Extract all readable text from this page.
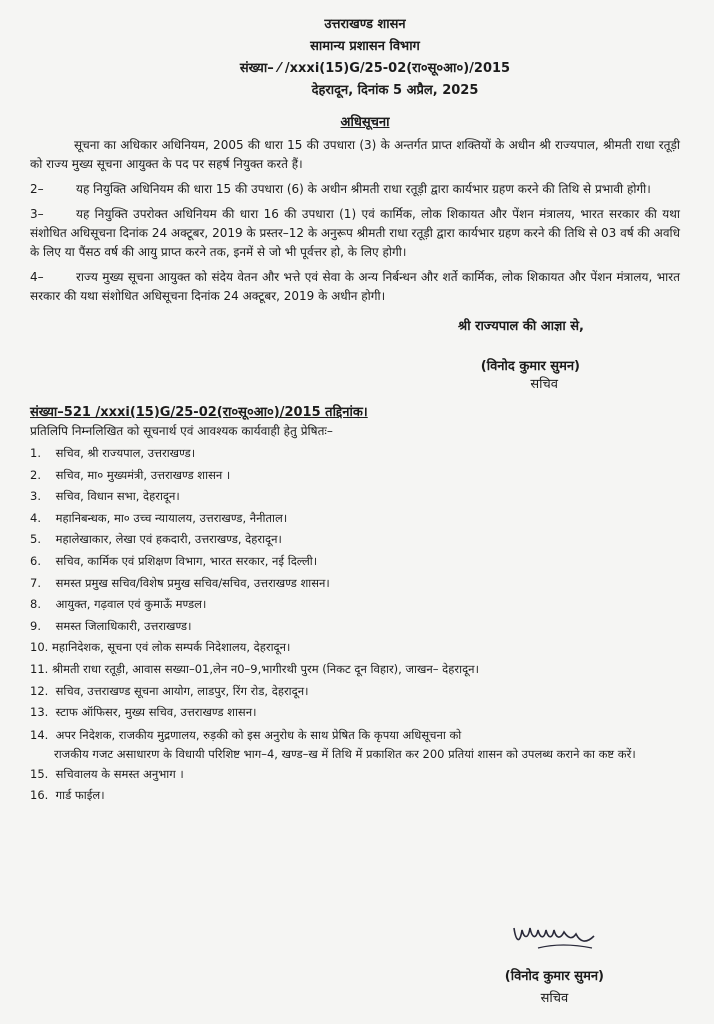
उत्तराखण्ड शासन
सामान्य प्रशासन विभाग
संख्या– ⁄ /xxxi(15)G/25-02(रा०सू०आ०)/2015
देहरादून, दिनांक 5 अप्रैल, 2025
अधिसूचना

सूचना का अधिकार अधिनियम, 2005 की धारा 15 की उपधारा (3) के अन्तर्गत प्राप्त शक्तियों के अधीन श्री राज्यपाल, श्रीमती राधा रतूड़ी को राज्य मुख्य सूचना आयुक्त के पद पर सहर्ष नियुक्त करते हैं।

2–	यह नियुक्ति अधिनियम की धारा 15 की उपधारा (6) के अधीन श्रीमती राधा रतूड़ी द्वारा कार्यभार ग्रहण करने की तिथि से प्रभावी होगी।

3–	यह नियुक्ति उपरोक्त अधिनियम की धारा 16 की उपधारा (1) एवं कार्मिक, लोक शिकायत और पेंशन मंत्रालय, भारत सरकार की यथा संशोधित अधिसूचना दिनांक 24 अक्टूबर, 2019 के प्रस्तर–12 के अनुरूप श्रीमती राधा रतूड़ी द्वारा कार्यभार ग्रहण करने की तिथि से 03 वर्ष की अवधि के लिए या पैंसठ वर्ष की आयु प्राप्त करने तक, इनमें से जो भी पूर्वत्तर हो, के लिए होगी।

4–	राज्य मुख्य सूचना आयुक्त को संदेय वेतन और भत्ते एवं सेवा के अन्य निर्बन्धन और शर्ते कार्मिक, लोक शिकायत और पेंशन मंत्रालय, भारत सरकार की यथा संशोधित अधिसूचना दिनांक 24 अक्टूबर, 2019 के अधीन होगी।

श्री राज्यपाल की आज्ञा से,
(विनोद कुमार सुमन)
सचिव
संख्या–521 /xxxi(15)G/25-02(रा०सू०आ०)/2015 तद्दिनांक।
प्रतिलिपि निम्नलिखित को सूचनार्थ एवं आवश्यक कार्यवाही हेतु प्रेषितः–
1. सचिव, श्री राज्यपाल, उत्तराखण्ड।
2. सचिव, मा० मुख्यमंत्री, उत्तराखण्ड शासन ।
3. सचिव, विधान सभा, देहरादून।
4. महानिबन्धक, मा० उच्च न्यायालय, उत्तराखण्ड, नैनीताल।
5. महालेखाकार, लेखा एवं हकदारी, उत्तराखण्ड, देहरादून।
6. सचिव, कार्मिक एवं प्रशिक्षण विभाग, भारत सरकार, नई दिल्ली।
7. समस्त प्रमुख सचिव/विशेष प्रमुख सचिव/सचिव, उत्तराखण्ड शासन।
8. आयुक्त, गढ़वाल एवं कुमाऊँ मण्डल।
9. समस्त जिलाधिकारी, उत्तराखण्ड।
10. महानिदेशक, सूचना एवं लोक सम्पर्क निदेशालय, देहरादून।
11. श्रीमती राधा रतूड़ी, आवास सख्या–01,लेन न0–9,भागीरथी पुरम (निकट दून विहार), जाखन– देहरादून।
12. सचिव, उत्तराखण्ड सूचना आयोग, लाडपुर, रिंग रोड, देहरादून।
13. स्टाफ ऑफिसर, मुख्य सचिव, उत्तराखण्ड शासन।
14. अपर निदेशक, राजकीय मुद्रणालय, रुड़की को इस अनुरोध के साथ प्रेषित कि कृपया अधिसूचना को
राजकीय गजट असाधारण के विधायी परिशिष्ट भाग–4, खण्ड–ख में तिथि में प्रकाशित कर 200 प्रतियां शासन को उपलब्ध कराने का कष्ट करें।
15. सचिवालय के समस्त अनुभाग ।
16. गार्ड फाईल।
(विनोद कुमार सुमन)
सचिव
